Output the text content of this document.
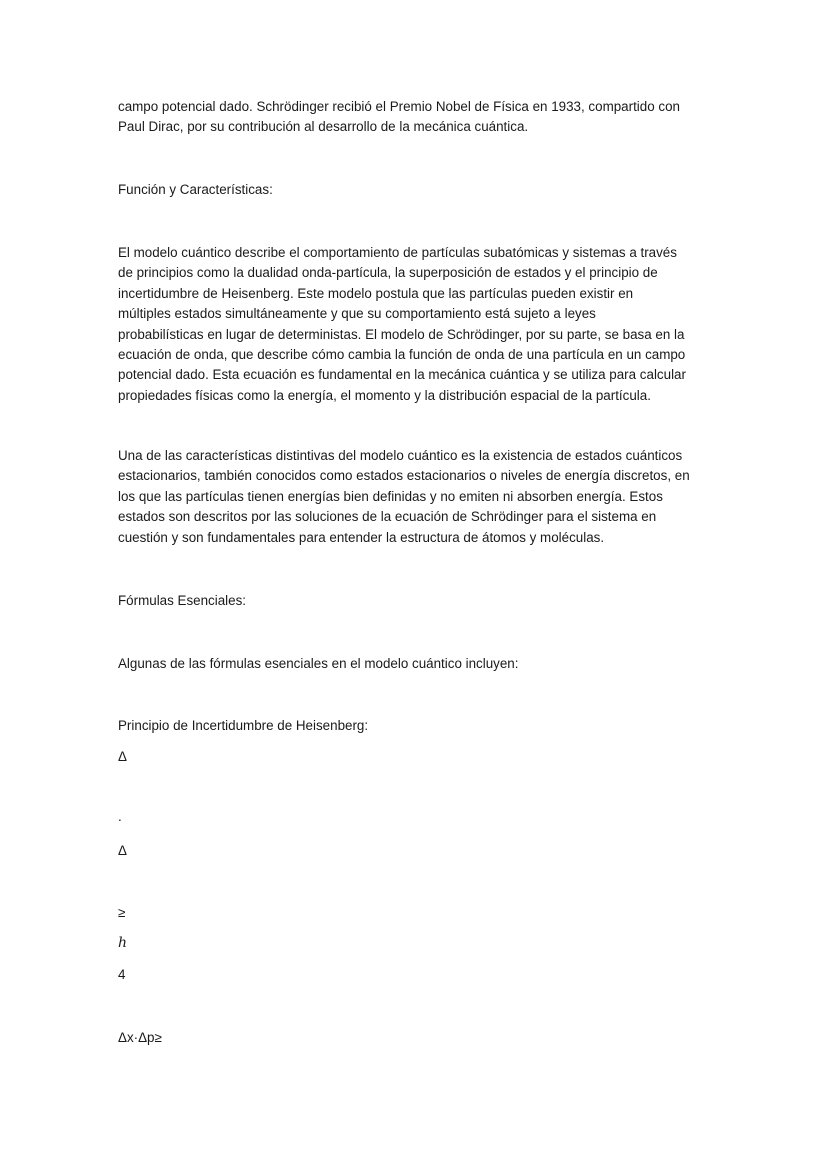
campo potencial dado. Schrödinger recibió el Premio Nobel de Física en 1933, compartido con
Paul Dirac, por su contribución al desarrollo de la mecánica cuántica.

Función y Características:

El modelo cuántico describe el comportamiento de partículas subatómicas y sistemas a través
de principios como la dualidad onda-partícula, la superposición de estados y el principio de
incertidumbre de Heisenberg. Este modelo postula que las partículas pueden existir en
múltiples estados simultáneamente y que su comportamiento está sujeto a leyes
probabilísticas en lugar de deterministas. El modelo de Schrödinger, por su parte, se basa en la
ecuación de onda, que describe cómo cambia la función de onda de una partícula en un campo
potencial dado. Esta ecuación es fundamental en la mecánica cuántica y se utiliza para calcular
propiedades físicas como la energía, el momento y la distribución espacial de la partícula.

Una de las características distintivas del modelo cuántico es la existencia de estados cuánticos
estacionarios, también conocidos como estados estacionarios o niveles de energía discretos, en
los que las partículas tienen energías bien definidas y no emiten ni absorben energía. Estos
estados son descritos por las soluciones de la ecuación de Schrödinger para el sistema en
cuestión y son fundamentales para entender la estructura de átomos y moléculas.

Fórmulas Esenciales:

Algunas de las fórmulas esenciales en el modelo cuántico incluyen:

Principio de Incertidumbre de Heisenberg:

Δ

.

Δ

≥

h

4

Δx·Δp≥
